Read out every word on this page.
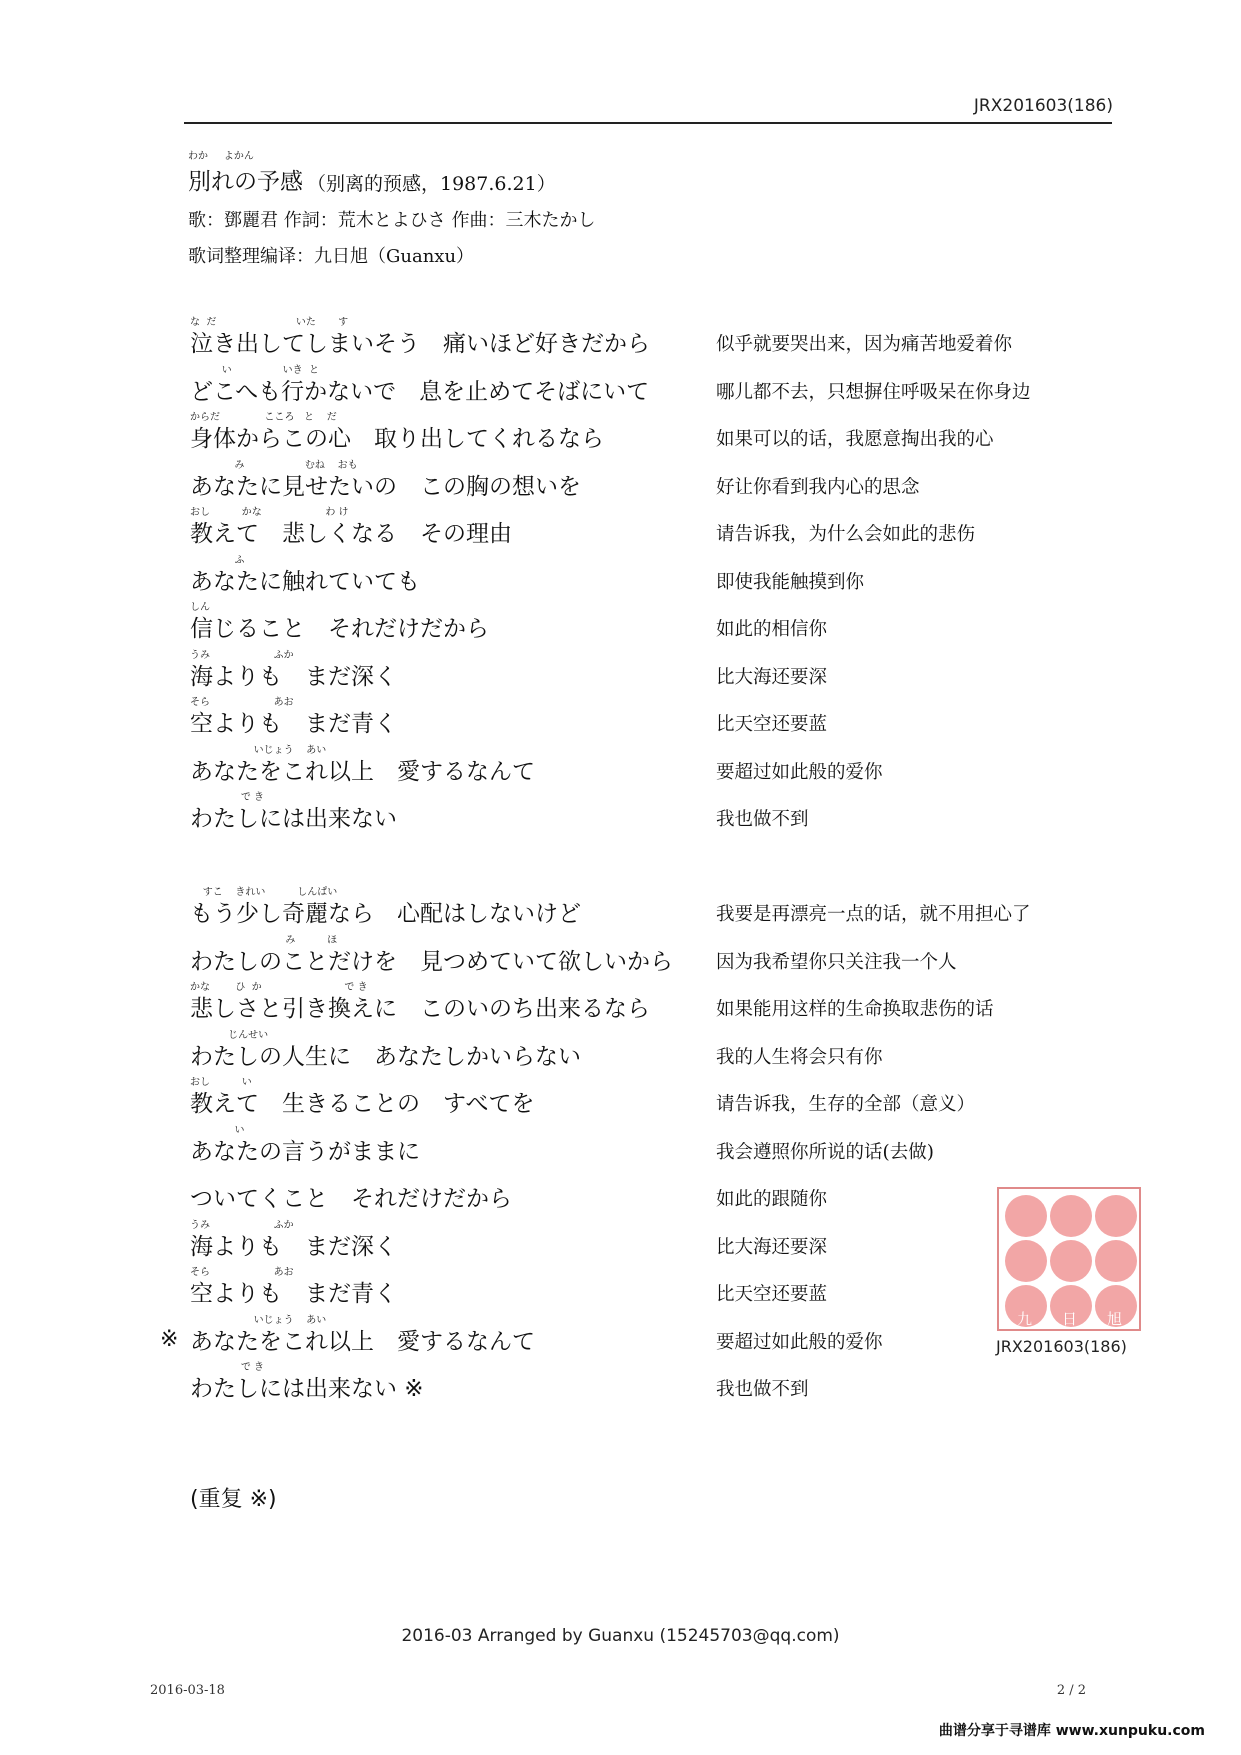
JRX201603(186)
わか     よかん
別れの予感 （别离的预感，1987.6.21）
歌：鄧麗君 作詞：荒木とよひさ 作曲：三木たかし
歌词整理编译：九日旭（Guanxu）
な  だ                         いた       す
泣き出してしまいそう　痛いほど好きだから	似乎就要哭出来，因为痛苦地爱着你
い                いき  と
どこへも行かないで　息を止めてそばにいて	哪儿都不去，只想摒住呼吸呆在你身边
からだ              こころ   と    だ
身体からこの心　取り出してくれるなら	如果可以的话，我愿意掏出我的心
み                   むね    おも
あなたに見せたいの　この胸の想いを	好让你看到我内心的思念
おし          かな                    わ け
教えて　悲しくなる　その理由	请告诉我，为什么会如此的悲伤
ふ
あなたに触れていても	即使我能触摸到你
しん
信じること　それだけだから	如此的相信你
うみ                    ふか
海よりも　まだ深く	比大海还要深
そら                    あお
空よりも　まだ青く	比天空还要蓝
いじょう    あい
あなたをこれ以上　愛するなんて	要超过如此般的爱你
で き
わたしには出来ない	我也做不到
すこ    きれい          しんぱい
もう少し奇麗なら　心配はしないけど	我要是再漂亮一点的话，就不用担心了
み          ほ
わたしのことだけを　見つめていて欲しいから	因为我希望你只关注我一个人
かな        ひ  か                          で き
悲しさと引き換えに　このいのち出来るなら	如果能用这样的生命换取悲伤的话
じんせい
わたしの人生に　あなたしかいらない	我的人生将会只有你
おし          い
教えて　生きることの　すべてを	请告诉我，生存的全部（意义）
い
あなたの言うがままに	我会遵照你所说的话(去做)
ついてくこと　それだけだから	如此的跟随你
うみ                    ふか
海よりも　まだ深く	比大海还要深
そら                    あお
空よりも　まだ青く	比天空还要蓝
※
いじょう    あい
あなたをこれ以上　愛するなんて	要超过如此般的爱你
で き
わたしには出来ない ※	我也做不到
(重复 ※)
九 日 旭
JRX201603(186)
2016-03 Arranged by Guanxu (15245703@qq.com)
2016-03-18	2 / 2
曲谱分享于寻谱库 www.xunpuku.com
